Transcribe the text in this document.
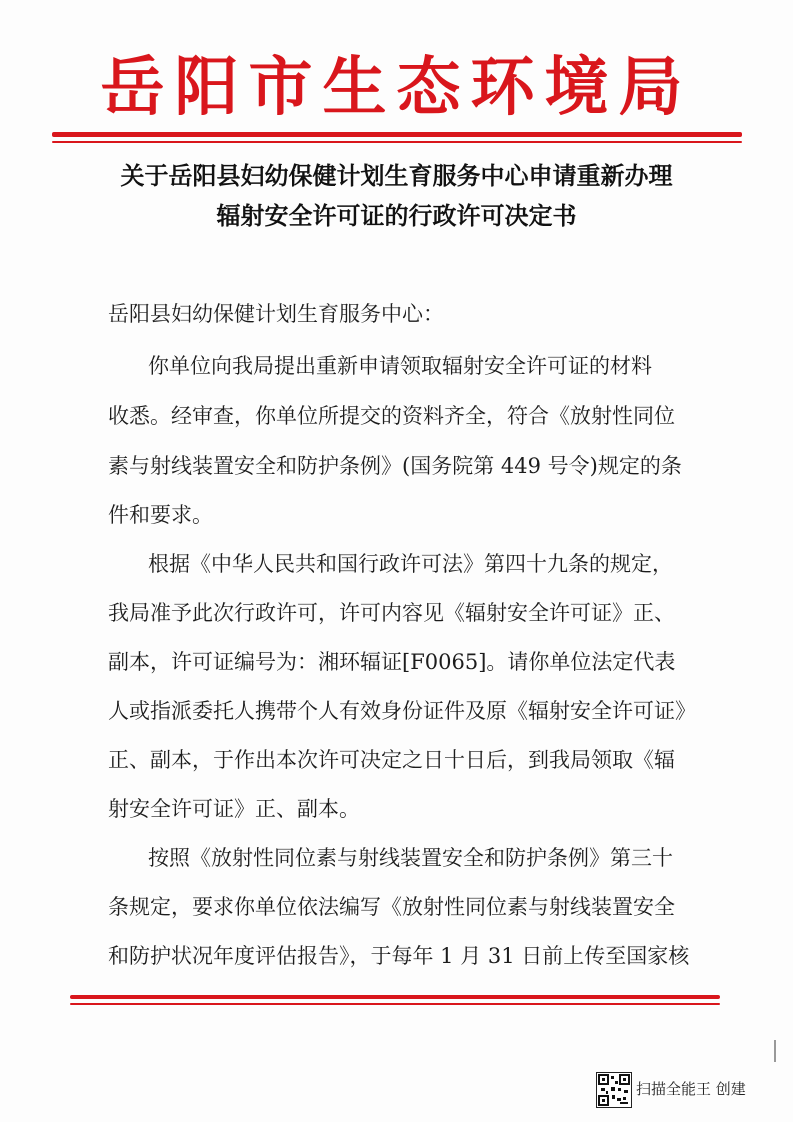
岳阳市生态环境局
关于岳阳县妇幼保健计划生育服务中心申请重新办理
辐射安全许可证的行政许可决定书
岳阳县妇幼保健计划生育服务中心：
你单位向我局提出重新申请领取辐射安全许可证的材料
收悉。经审查，你单位所提交的资料齐全，符合《放射性同位
素与射线装置安全和防护条例》(国务院第 449 号令)规定的条
件和要求。
根据《中华人民共和国行政许可法》第四十九条的规定，
我局准予此次行政许可，许可内容见《辐射安全许可证》正、
副本，许可证编号为：湘环辐证[F0065]。请你单位法定代表
人或指派委托人携带个人有效身份证件及原《辐射安全许可证》
正、副本，于作出本次许可决定之日十日后，到我局领取《辐
射安全许可证》正、副本。
按照《放射性同位素与射线装置安全和防护条例》第三十
条规定，要求你单位依法编写《放射性同位素与射线装置安全
和防护状况年度评估报告》，于每年 1 月 31 日前上传至国家核
扫描全能王 创建
